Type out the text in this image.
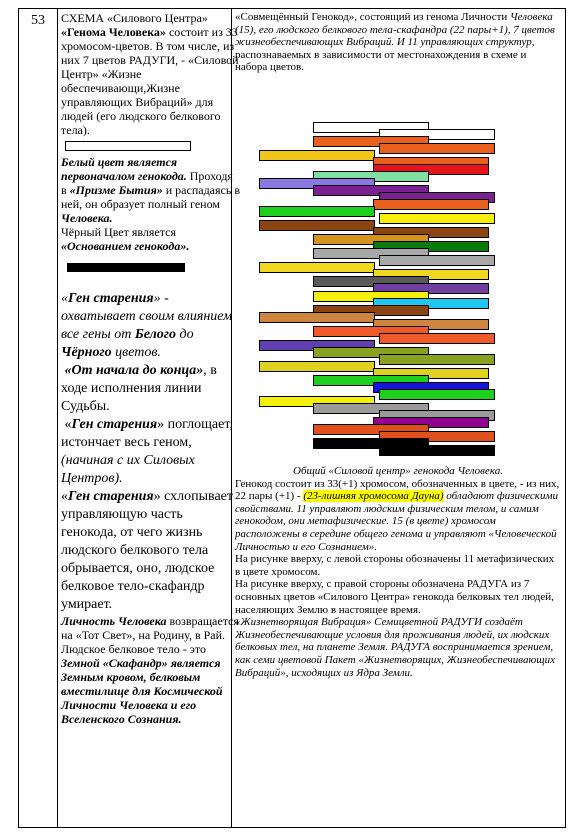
53	СХЕМА «Силового Центра» «Генома Человека» состоит из 33 хромосом-цветов. В том числе, из них 7 цветов РАДУГИ, - «Силовой Центр» «Жизне обеспечивающи,Жизне управляющих Вибраций» для людей (его людского белкового тела).

Белый цвет является первоначалом генокода. Проходя в «Призме Бытия» и распадаясь в ней, он образует полный геном Человека.

Чёрный Цвет является «Основанием генокода».

«Ген старения» - охватывает своим влиянием все гены от Белого до Чёрного цветов.

«От начала до конца», в ходе исполнения линии Судьбы.

«Ген старения» поглощает, истончает весь геном, (начиная с их Силовых Центров).

«Ген старения» схлопывает управляющую часть генокода, от чего жизнь людского белкового тела обрывается, оно, людское белковое тело-скафандр умирает.

Личность Человека возвращается на «Тот Свет», на Родину, в Рай.

Людское белковое тело - это Земной «Скафандр» является Земным кровом, белковым вместилище для Космической Личности Человека и его Вселенского Сознания.

«Совмещённый Генокод», состоящий из генома Личности Человека (15), его людского белкового тела-скафандра (22 пары+1), 7 цветов жизнеобеспечивающих Вибраций. И 11 управляющих структур, распознаваемых в зависимости от местонахождения в схеме и набора цветов.

Общий «Силовой центр» генокода Человека.

Генокод состоит из 33(+1) хромосом, обозначенных в цвете, - из них, 22 пары (+1) - (23-лишняя хромосома Дауна) обладают физическими свойствами. 11 управляют людским физическим телом, и самим генокодом, они метафизические. 15 (в цвете) хромосом расположены в середине общего генома и управляют «Человеческой Личностью и его Сознанием».

На рисунке вверху, с левой стороны обозначены 11 метафизических в цвете хромосом.

На рисунке вверху, с правой стороны обозначена РАДУГА из 7 основных цветов «Силового Центра» генокода белковых тел людей, населяющих Землю в настоящее время.

«Жизнетворящая Вибрация» Семицветной РАДУГИ создаёт Жизнеобеспечивающие условия для проживания людей, их людских белковых тел, на планете Земля. РАДУГА воспринимается зрением, как семи цветовой Пакет «Жизнетворящих, Жизнеобеспечивающих Вибраций», исходящих из Ядра Земли.
